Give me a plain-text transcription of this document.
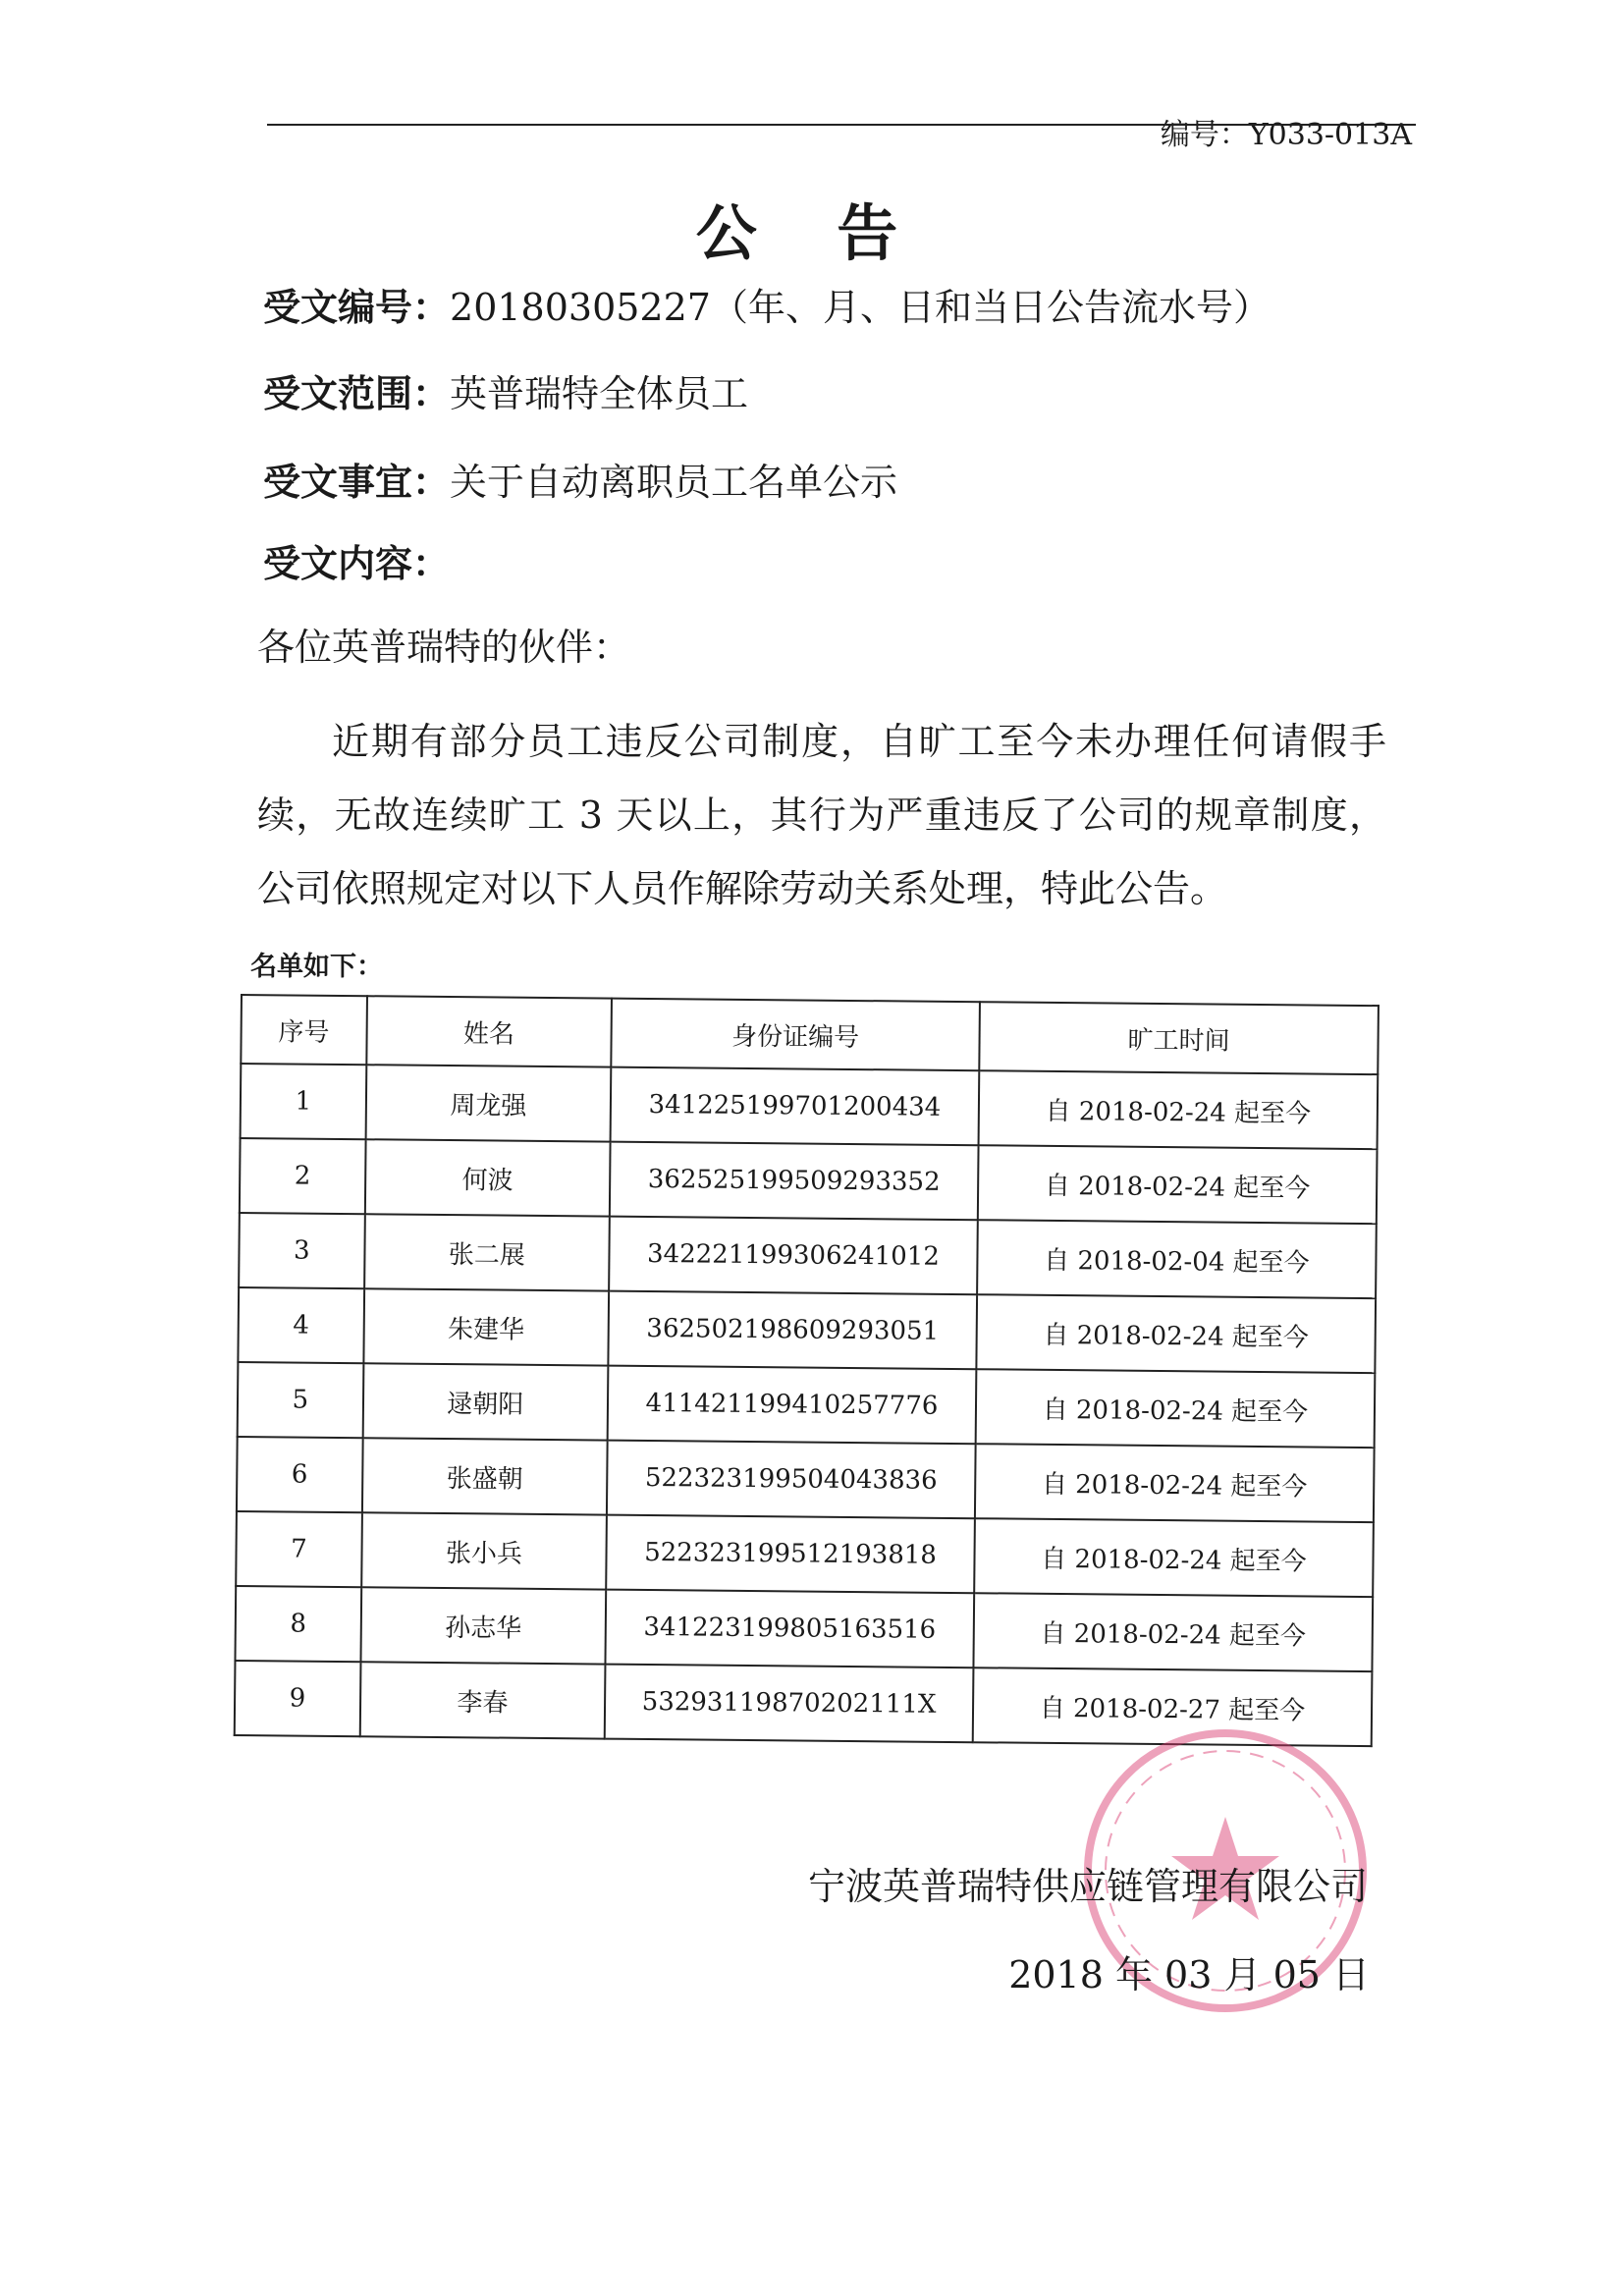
编号：Y033-013A
公 告
受文编号：20180305227（年、月、日和当日公告流水号）
受文范围：英普瑞特全体员工
受文事宜：关于自动离职员工名单公示
受文内容：
各位英普瑞特的伙伴：
近期有部分员工违反公司制度，自旷工至今未办理任何请假手续，无故连续旷工 3 天以上，其行为严重违反了公司的规章制度，公司依照规定对以下人员作解除劳动关系处理，特此公告。
名单如下：
序号	姓名	身份证编号	旷工时间
1	周龙强	341225199701200434	自 2018-02-24 起至今
2	何波	362525199509293352	自 2018-02-24 起至今
3	张二展	342221199306241012	自 2018-02-04 起至今
4	朱建华	362502198609293051	自 2018-02-24 起至今
5	逯朝阳	411421199410257776	自 2018-02-24 起至今
6	张盛朝	522323199504043836	自 2018-02-24 起至今
7	张小兵	522323199512193818	自 2018-02-24 起至今
8	孙志华	341223199805163516	自 2018-02-24 起至今
9	李春	53293119870202111X	自 2018-02-27 起至今
宁波英普瑞特供应链管理有限公司
2018 年 03 月 05 日
